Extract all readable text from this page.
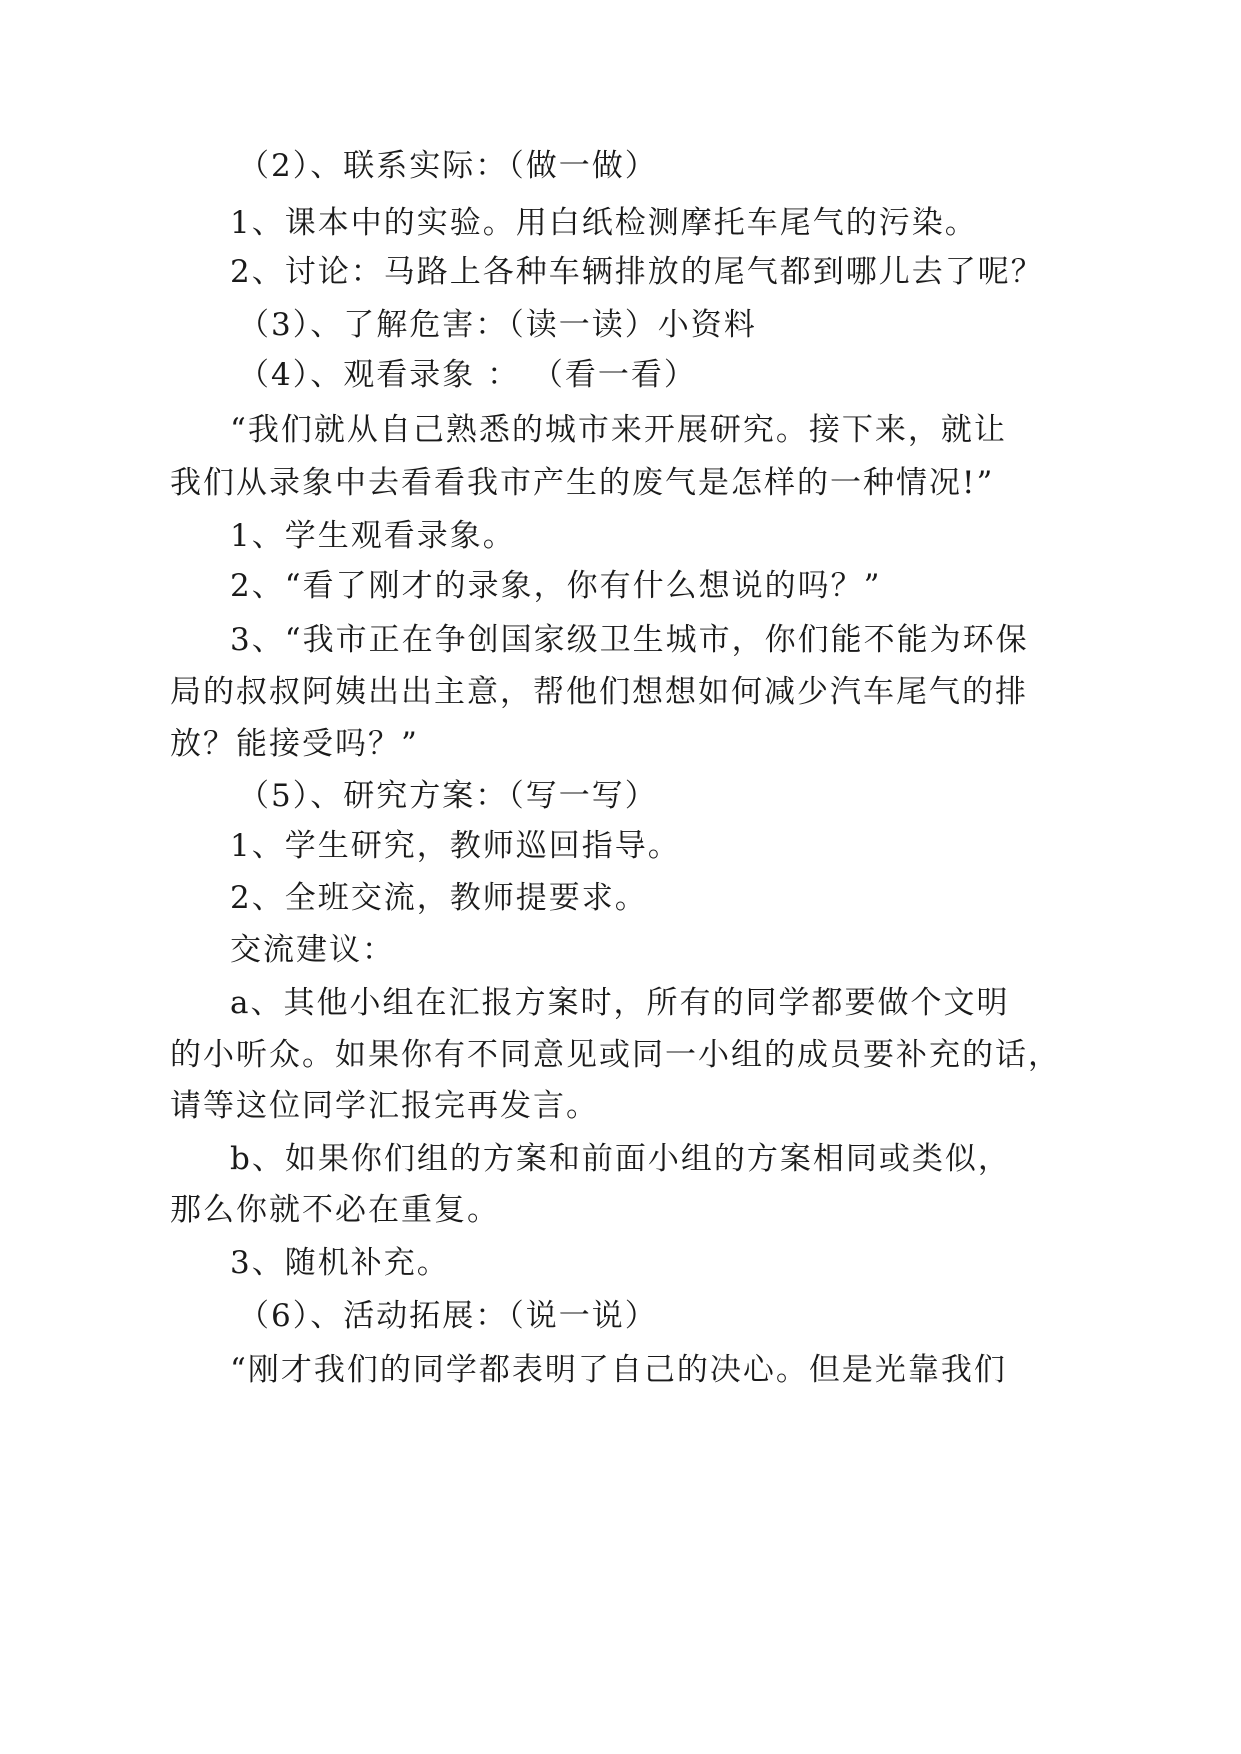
（2）、联系实际：（做一做）
1、课本中的实验。用白纸检测摩托车尾气的污染。
2、讨论：马路上各种车辆排放的尾气都到哪儿去了呢？
（3）、了解危害：（读一读）小资料
（4）、观看录象 ： （看一看）
“我们就从自己熟悉的城市来开展研究。接下来，就让
我们从录象中去看看我市产生的废气是怎样的一种情况!”
1、学生观看录象。
2、“看了刚才的录象，你有什么想说的吗？”
3、“我市正在争创国家级卫生城市，你们能不能为环保
局的叔叔阿姨出出主意，帮他们想想如何减少汽车尾气的排
放？能接受吗？”
（5）、研究方案：（写一写）
1、学生研究，教师巡回指导。
2、全班交流，教师提要求。
交流建议：
a、其他小组在汇报方案时，所有的同学都要做个文明
的小听众。如果你有不同意见或同一小组的成员要补充的话，
请等这位同学汇报完再发言。
b、如果你们组的方案和前面小组的方案相同或类似，
那么你就不必在重复。
3、随机补充。
（6）、活动拓展：（说一说）
“刚才我们的同学都表明了自己的决心。但是光靠我们
